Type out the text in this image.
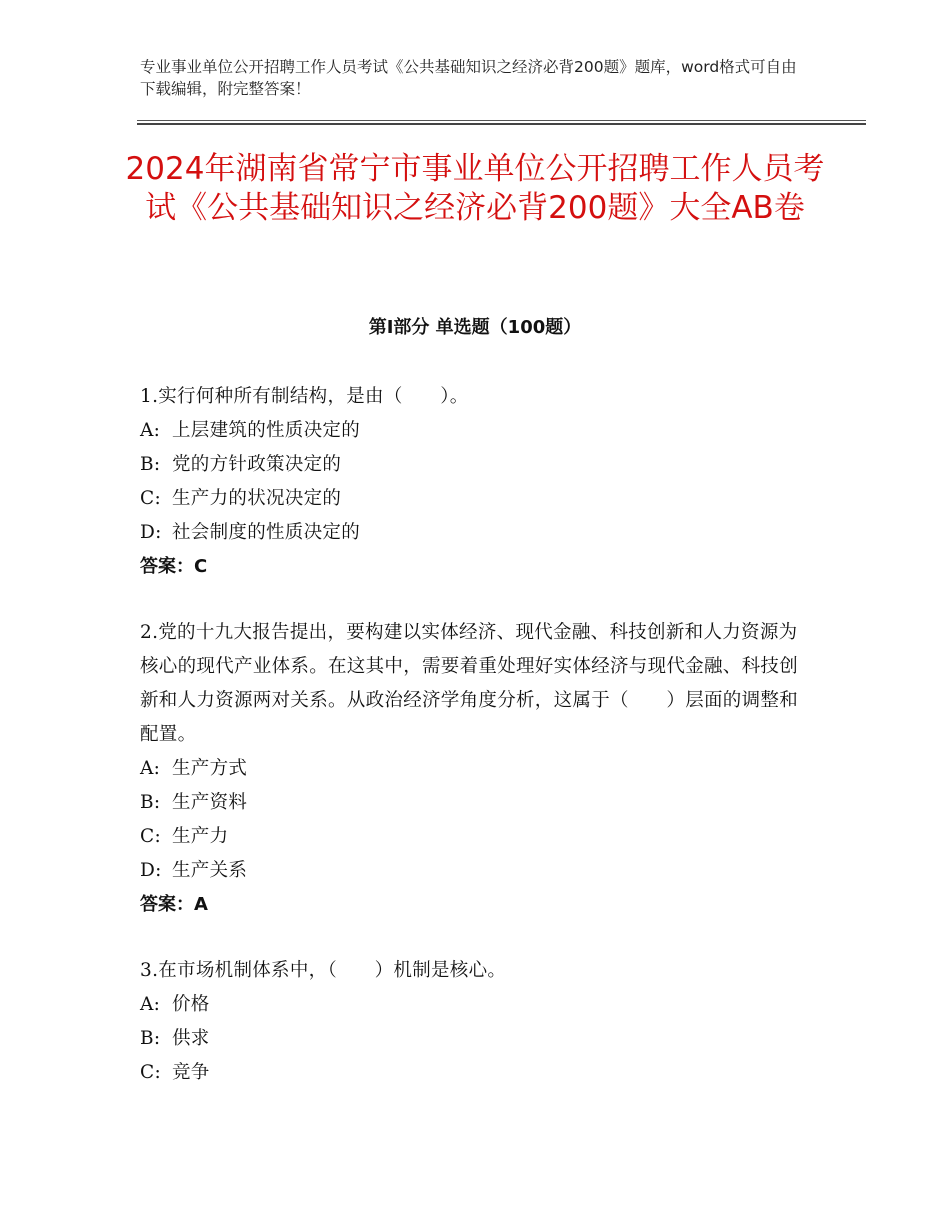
专业事业单位公开招聘工作人员考试《公共基础知识之经济必背200题》题库，word格式可自由下载编辑，附完整答案！
2024年湖南省常宁市事业单位公开招聘工作人员考试《公共基础知识之经济必背200题》大全AB卷
第Ⅰ部分 单选题（100题）

1.实行何种所有制结构，是由（　　）。

A: 上层建筑的性质决定的

B: 党的方针政策决定的

C: 生产力的状况决定的

D: 社会制度的性质决定的

答案：C

2.党的十九大报告提出，要构建以实体经济、现代金融、科技创新和人力资源为核心的现代产业体系。在这其中，需要着重处理好实体经济与现代金融、科技创新和人力资源两对关系。从政治经济学角度分析，这属于（　　）层面的调整和配置。

A: 生产方式

B: 生产资料

C: 生产力

D: 生产关系

答案：A

3.在市场机制体系中，（　　）机制是核心。

A: 价格

B: 供求

C: 竞争
